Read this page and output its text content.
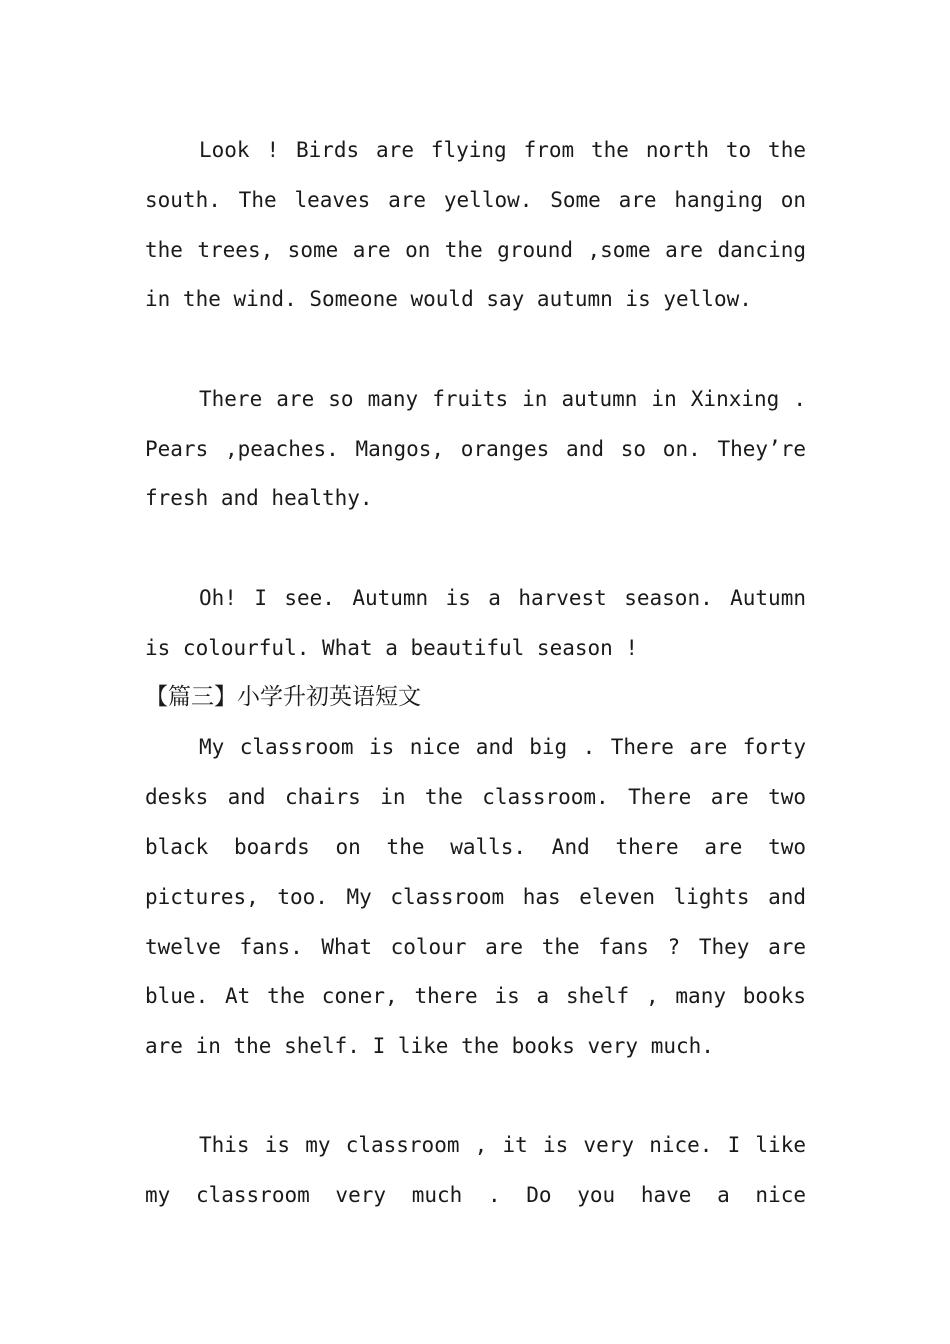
Look ! Birds are flying from the north to the
south. The leaves are yellow. Some are hanging on
the trees, some are on the ground ,some are dancing
in the wind. Someone would say autumn is yellow.
There are so many fruits in autumn in Xinxing .
Pears ,peaches. Mangos, oranges and so on. They’re
fresh and healthy.
Oh! I see. Autumn is a harvest season. Autumn
is colourful. What a beautiful season !
【篇三】小学升初英语短文
My classroom is nice and big . There are forty
desks and chairs in the classroom. There are two
black boards on the walls. And there are two
pictures, too. My classroom has eleven lights and
twelve fans. What colour are the fans ? They are
blue. At the coner, there is a shelf , many books
are in the shelf. I like the books very much.
This is my classroom , it is very nice. I like
my classroom very much . Do you have a nice
